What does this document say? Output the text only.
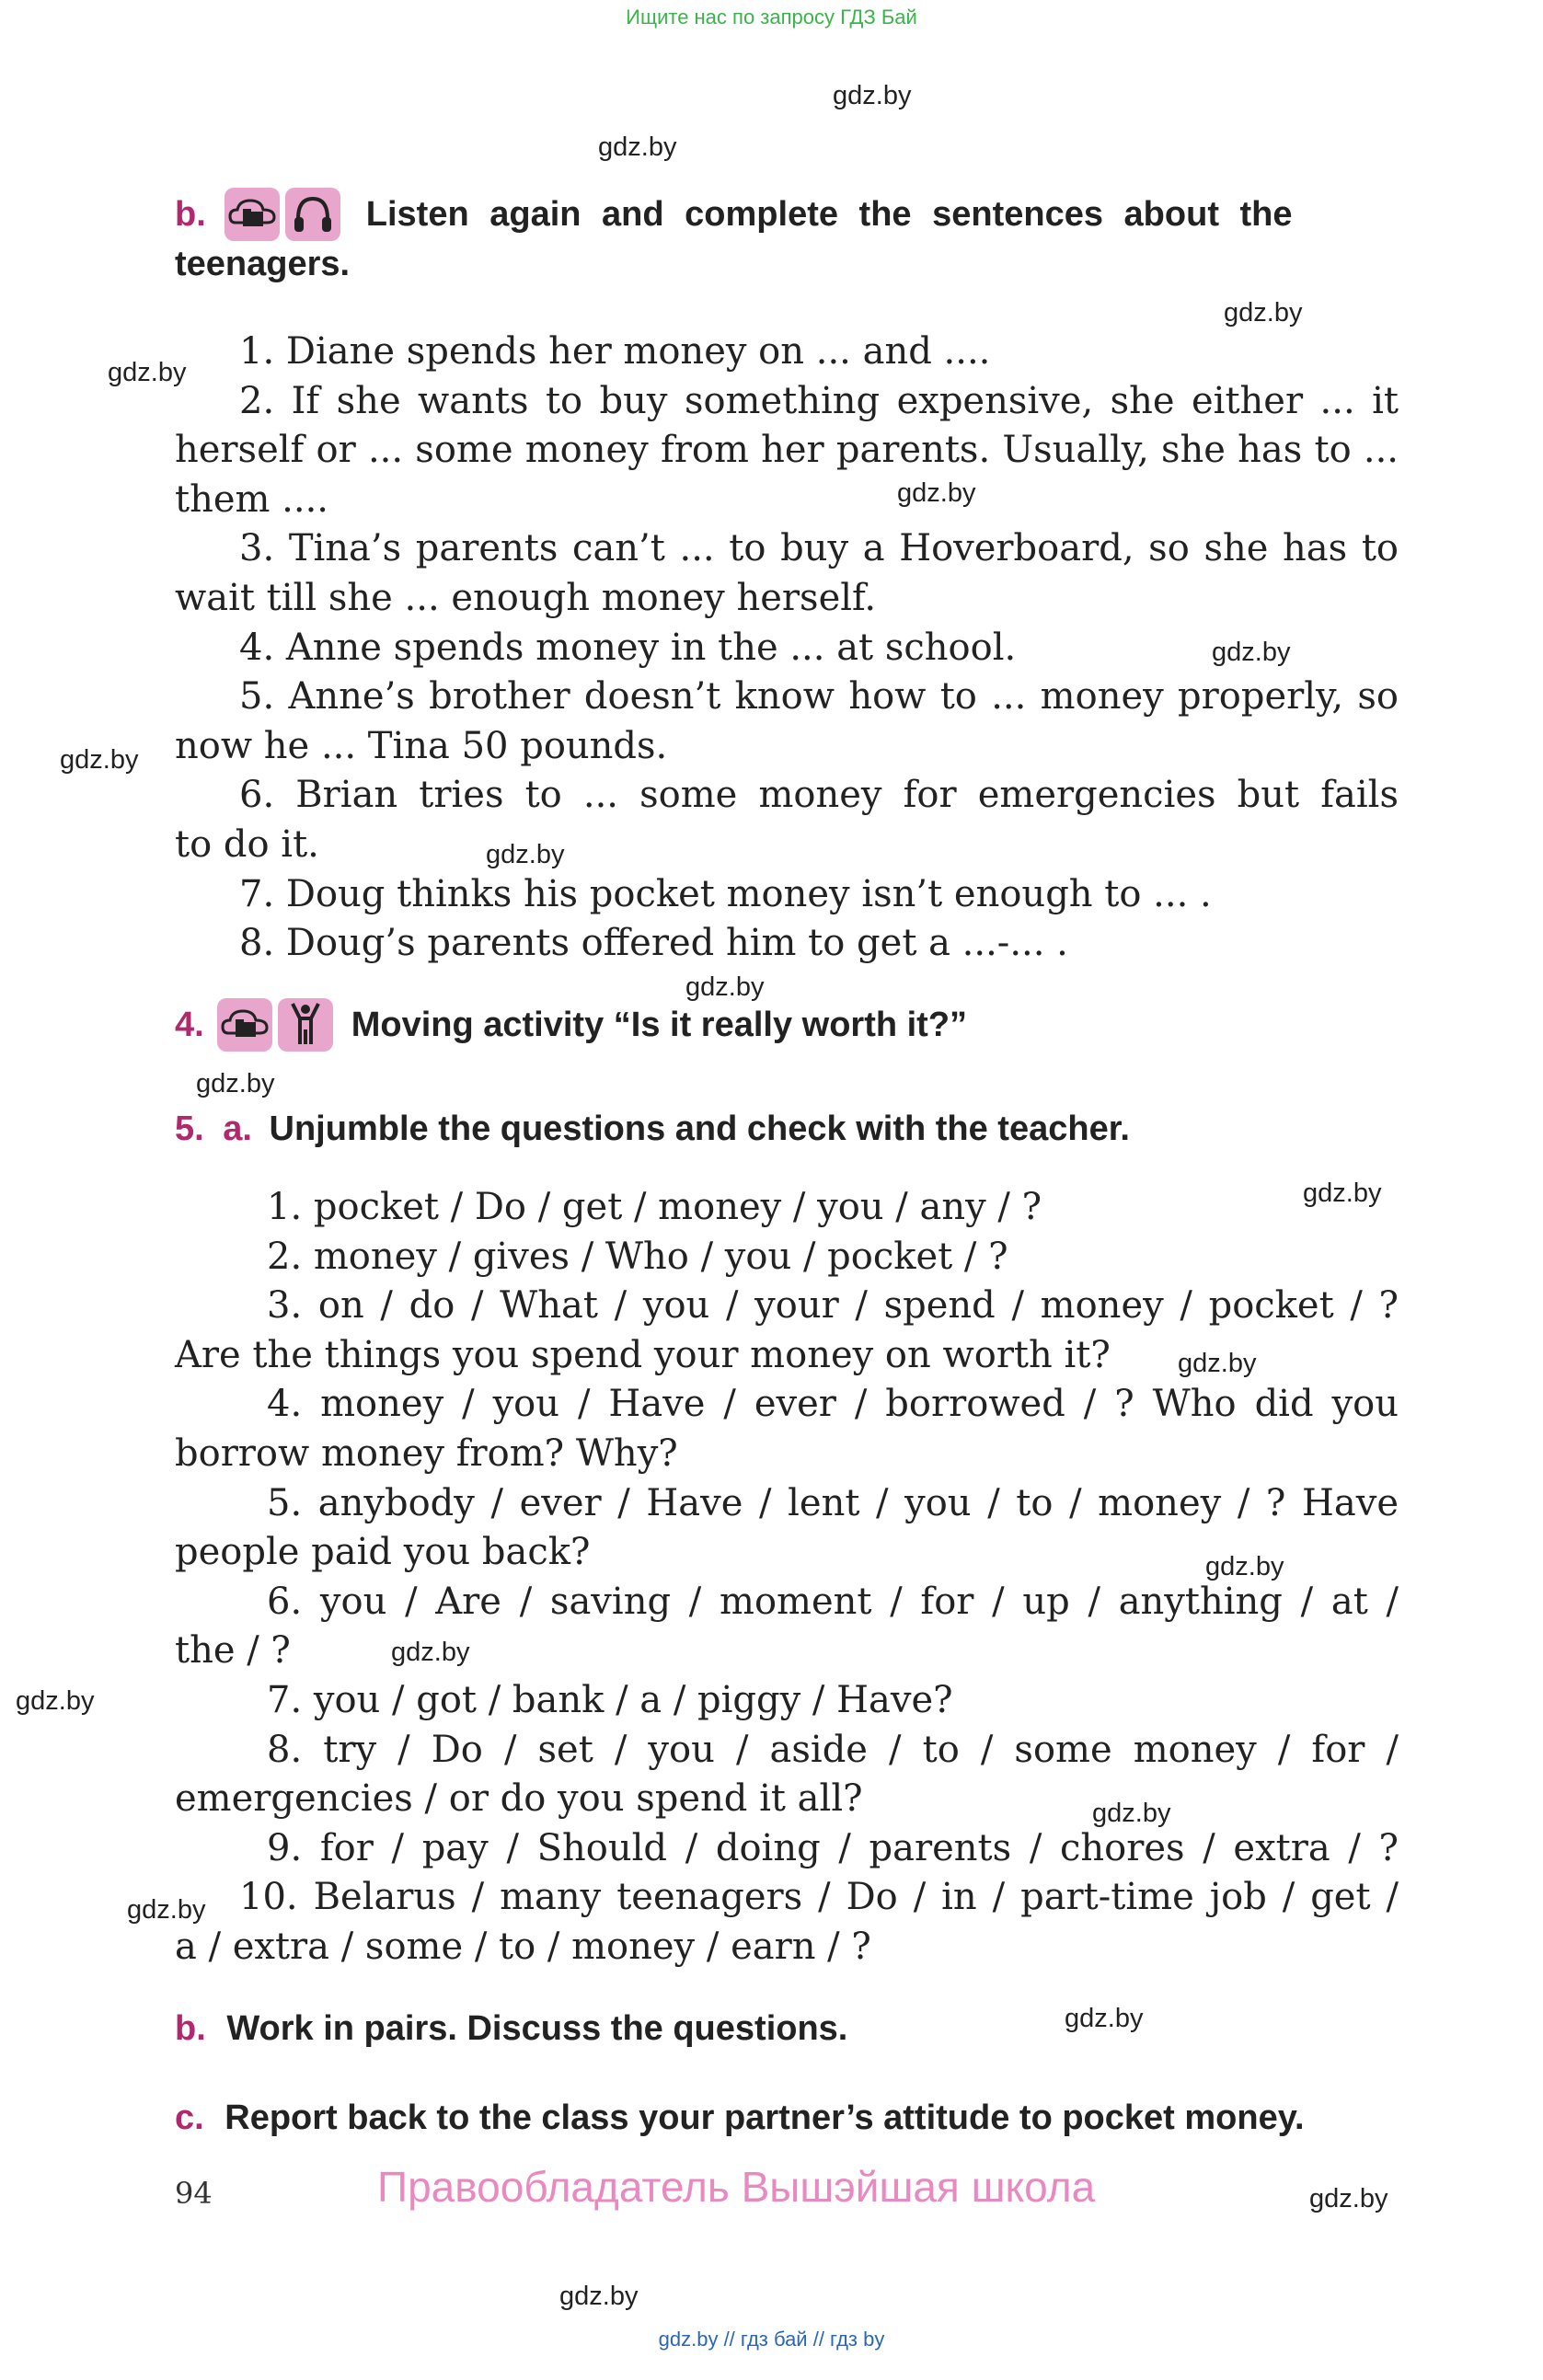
Ищите нас по запросу ГДЗ Бай
gdz.by
gdz.by
gdz.by
gdz.by
gdz.by
gdz.by
gdz.by
gdz.by
gdz.by
gdz.by
gdz.by
gdz.by
gdz.by
gdz.by
gdz.by
gdz.by
gdz.by
gdz.by
gdz.by
gdz.by
b.	Listen again and complete the sentences about the
teenagers.
1. Diane spends her money on ... and ....
2. If she wants to buy something expensive, she either ... it
herself or ... some money from her parents. Usually, she has to ...
them ....
3. Tina’s parents can’t ... to buy a Hoverboard, so she has to
wait till she ... enough money herself.
4. Anne spends money in the ... at school.
5. Anne’s brother doesn’t know how to ... money properly, so
now he ... Tina 50 pounds.
6. Brian tries to ... some money for emergencies but fails
to do it.
7. Doug thinks his pocket money isn’t enough to ... .
8. Doug’s parents offered him to get a ...-... .
4.	Moving activity “Is it really worth it?”
5. a. Unjumble the questions and check with the teacher.
1. pocket / Do / get / money / you / any / ?
2. money / gives / Who / you / pocket / ?
3. on / do / What / you / your / spend / money / pocket / ?
Are the things you spend your money on worth it?
4. money / you / Have / ever / borrowed / ? Who did you
borrow money from? Why?
5. anybody / ever / Have / lent / you / to / money / ? Have
people paid you back?
6. you / Are / saving / moment / for / up / anything / at /
the / ?
7. you / got / bank / a / piggy / Have?
8. try / Do / set / you / aside / to / some money / for /
emergencies / or do you spend it all?
9. for / pay / Should / doing / parents / chores / extra / ?
10. Belarus / many teenagers / Do / in / part-time job / get /
a / extra / some / to / money / earn / ?
b. Work in pairs. Discuss the questions.
c. Report back to the class your partner’s attitude to pocket money.
94	Правообладатель Вышэйшая школа
gdz.by // гдз бай // гдз by
